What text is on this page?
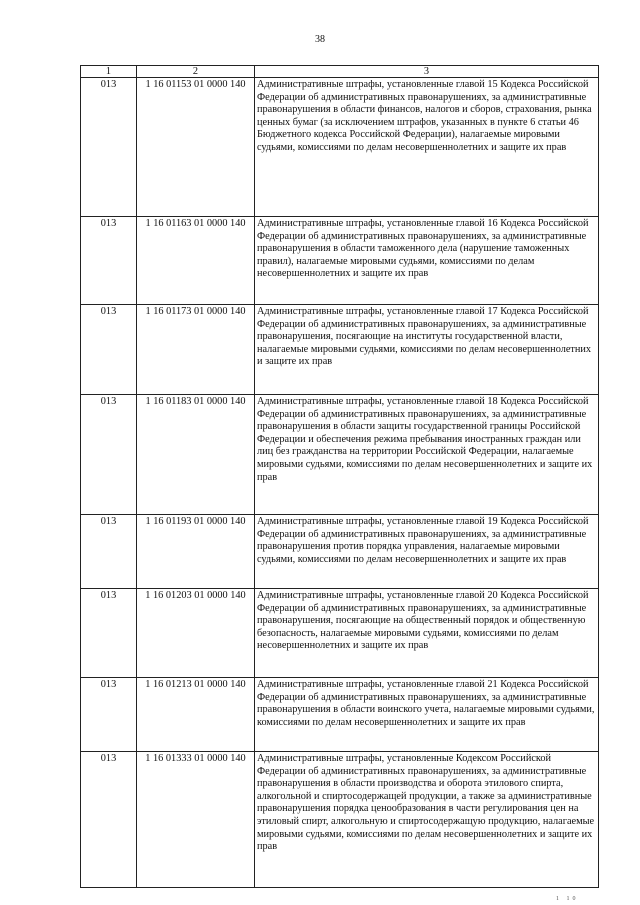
38
1	2	3
013	1 16 01153 01 0000 140	Административные штрафы, установленные главой 15 Кодекса Российской Федерации об административных правонарушениях, за административные правонарушения в области финансов, налогов и сборов, страхования, рынка ценных бумаг (за исключением штрафов, указанных в пункте 6 статьи 46 Бюджетного кодекса Российской Федерации), налагаемые мировыми судьями, комиссиями по делам несовершеннолетних и защите их прав
013	1 16 01163 01 0000 140	Административные штрафы, установленные главой 16 Кодекса Российской Федерации об административных правонарушениях, за административные правонарушения в области таможенного дела (нарушение таможенных правил), налагаемые мировыми судьями, комиссиями по делам несовершеннолетних и защите их прав
013	1 16 01173 01 0000 140	Административные штрафы, установленные главой 17 Кодекса Российской Федерации об административных правонарушениях, за административные правонарушения, посягающие на институты государственной власти, налагаемые мировыми судьями, комиссиями по делам несовершеннолетних и защите их прав
013	1 16 01183 01 0000 140	Административные штрафы, установленные главой 18 Кодекса Российской Федерации об административных правонарушениях, за административные правонарушения в области защиты государственной границы Российской Федерации и обеспечения режима пребывания иностранных граждан или лиц без гражданства на территории Российской Федерации, налагаемые мировыми судьями, комиссиями по делам несовершеннолетних и защите их прав
013	1 16 01193 01 0000 140	Административные штрафы, установленные главой 19 Кодекса Российской Федерации об административных правонарушениях, за административные правонарушения против порядка управления, налагаемые мировыми судьями, комиссиями по делам несовершеннолетних и защите их прав
013	1 16 01203 01 0000 140	Административные штрафы, установленные главой 20 Кодекса Российской Федерации об административных правонарушениях, за административные правонарушения, посягающие на общественный порядок и общественную безопасность, налагаемые мировыми судьями, комиссиями по делам несовершеннолетних и защите их прав
013	1 16 01213 01 0000 140	Административные штрафы, установленные главой 21 Кодекса Российской Федерации об административных правонарушениях, за административные правонарушения в области воинского учета, налагаемые мировыми судьями, комиссиями по делам несовершеннолетних и защите их прав
013	1 16 01333 01 0000 140	Административные штрафы, установленные Кодексом Российской Федерации об административных правонарушениях, за административные правонарушения в области производства и оборота этилового спирта, алкогольной и спиртосодержащей продукции, а также за административные правонарушения порядка ценообразования в части регулирования цен на этиловый спирт, алкогольную и спиртосодержащую продукцию, налагаемые мировыми судьями, комиссиями по делам несовершеннолетних и защите их прав
1 10
